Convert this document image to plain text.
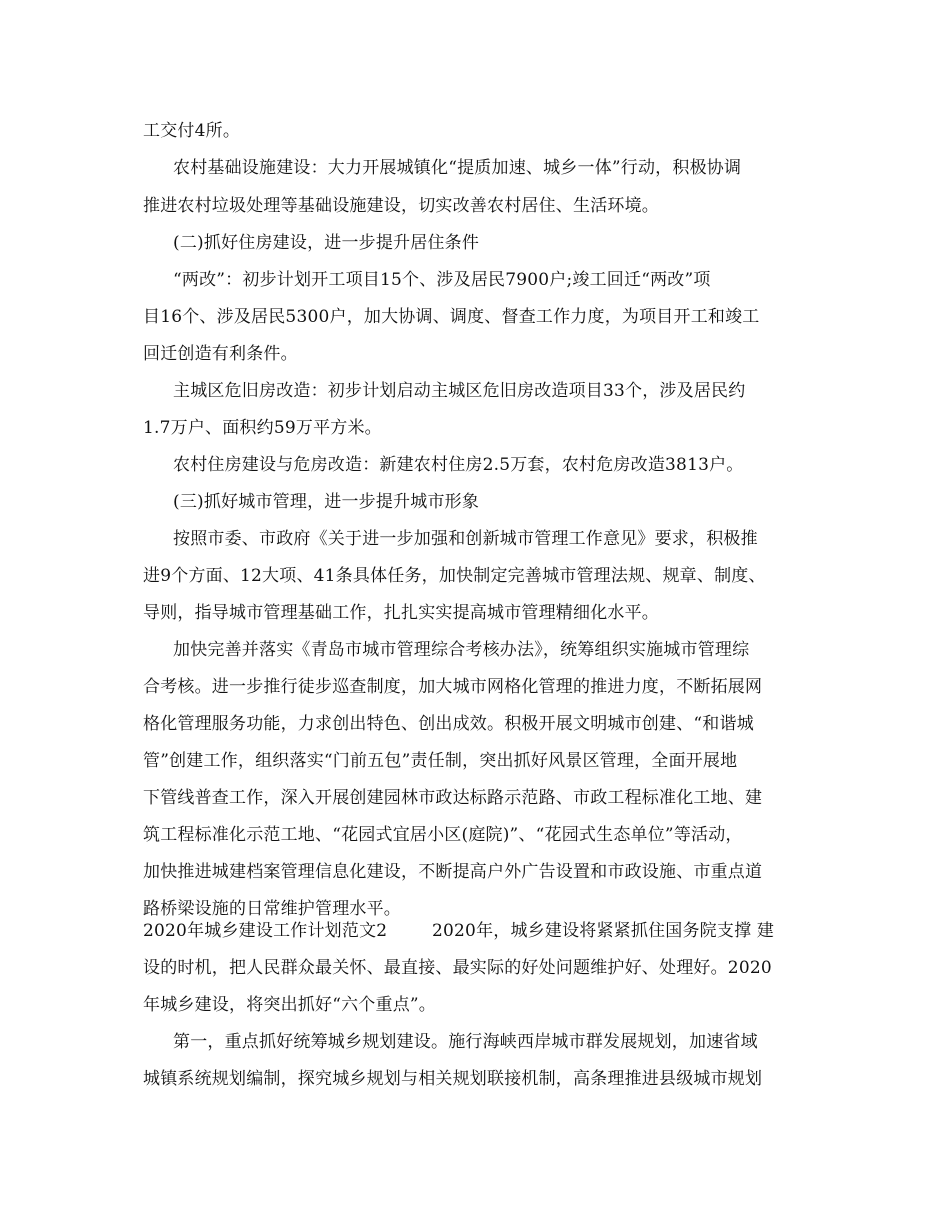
工交付4所。
农村基础设施建设：大力开展城镇化“提质加速、城乡一体”行动，积极协调
推进农村垃圾处理等基础设施建设，切实改善农村居住、生活环境。
(二)抓好住房建设，进一步提升居住条件
“两改”：初步计划开工项目15个、涉及居民7900户;竣工回迁“两改”项
目16个、涉及居民5300户，加大协调、调度、督查工作力度，为项目开工和竣工
回迁创造有利条件。
主城区危旧房改造：初步计划启动主城区危旧房改造项目33个，涉及居民约
1.7万户、面积约59万平方米。
农村住房建设与危房改造：新建农村住房2.5万套，农村危房改造3813户。
(三)抓好城市管理，进一步提升城市形象
按照市委、市政府《关于进一步加强和创新城市管理工作意见》要求，积极推
进9个方面、12大项、41条具体任务，加快制定完善城市管理法规、规章、制度、
导则，指导城市管理基础工作，扎扎实实提高城市管理精细化水平。
加快完善并落实《青岛市城市管理综合考核办法》，统筹组织实施城市管理综
合考核。进一步推行徒步巡查制度，加大城市网格化管理的推进力度，不断拓展网
格化管理服务功能，力求创出特色、创出成效。积极开展文明城市创建、“和谐城
管”创建工作，组织落实“门前五包”责任制，突出抓好风景区管理，全面开展地
下管线普查工作，深入开展创建园林市政达标路示范路、市政工程标准化工地、建
筑工程标准化示范工地、“花园式宜居小区(庭院)”、“花园式生态单位”等活动，
加快推进城建档案管理信息化建设，不断提高户外广告设置和市政设施、市重点道
路桥梁设施的日常维护管理水平。
2020年城乡建设工作计划范文2	2020年，城乡建设将紧紧抓住国务院支撑 建
设的时机，把人民群众最关怀、最直接、最实际的好处问题维护好、处理好。2020
年城乡建设，将突出抓好“六个重点”。
第一，重点抓好统筹城乡规划建设。施行海峡西岸城市群发展规划，加速省域
城镇系统规划编制，探究城乡规划与相关规划联接机制，高条理推进县级城市规划
